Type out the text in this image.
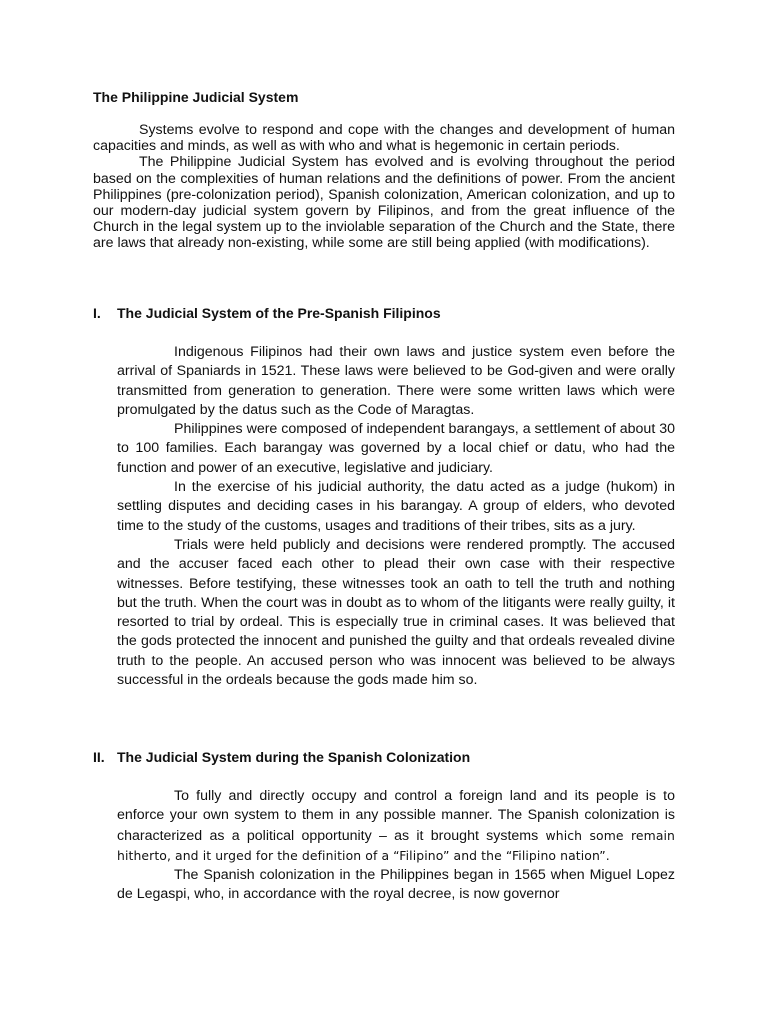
The Philippine Judicial System

Systems evolve to respond and cope with the changes and development of human capacities and minds, as well as with who and what is hegemonic in certain periods.

The Philippine Judicial System has evolved and is evolving throughout the period based on the complexities of human relations and the definitions of power. From the ancient Philippines (pre-colonization period), Spanish colonization, American colonization, and up to our modern-day judicial system govern by Filipinos, and from the great influence of the Church in the legal system up to the inviolable separation of the Church and the State, there are laws that already non-existing, while some are still being applied (with modifications).

I. The Judicial System of the Pre-Spanish Filipinos

Indigenous Filipinos had their own laws and justice system even before the arrival of Spaniards in 1521. These laws were believed to be God-given and were orally transmitted from generation to generation. There were some written laws which were promulgated by the datus such as the Code of Maragtas.

Philippines were composed of independent barangays, a settlement of about 30 to 100 families. Each barangay was governed by a local chief or datu, who had the function and power of an executive, legislative and judiciary.

In the exercise of his judicial authority, the datu acted as a judge (hukom) in settling disputes and deciding cases in his barangay. A group of elders, who devoted time to the study of the customs, usages and traditions of their tribes, sits as a jury.

Trials were held publicly and decisions were rendered promptly. The accused and the accuser faced each other to plead their own case with their respective witnesses. Before testifying, these witnesses took an oath to tell the truth and nothing but the truth. When the court was in doubt as to whom of the litigants were really guilty, it resorted to trial by ordeal. This is especially true in criminal cases. It was believed that the gods protected the innocent and punished the guilty and that ordeals revealed divine truth to the people. An accused person who was innocent was believed to be always successful in the ordeals because the gods made him so.

II. The Judicial System during the Spanish Colonization

To fully and directly occupy and control a foreign land and its people is to enforce your own system to them in any possible manner. The Spanish colonization is characterized as a political opportunity – as it brought systems which some remain hitherto, and it urged for the definition of a “Filipino” and the “Filipino nation”.

The Spanish colonization in the Philippines began in 1565 when Miguel Lopez de Legaspi, who, in accordance with the royal decree, is now governor
